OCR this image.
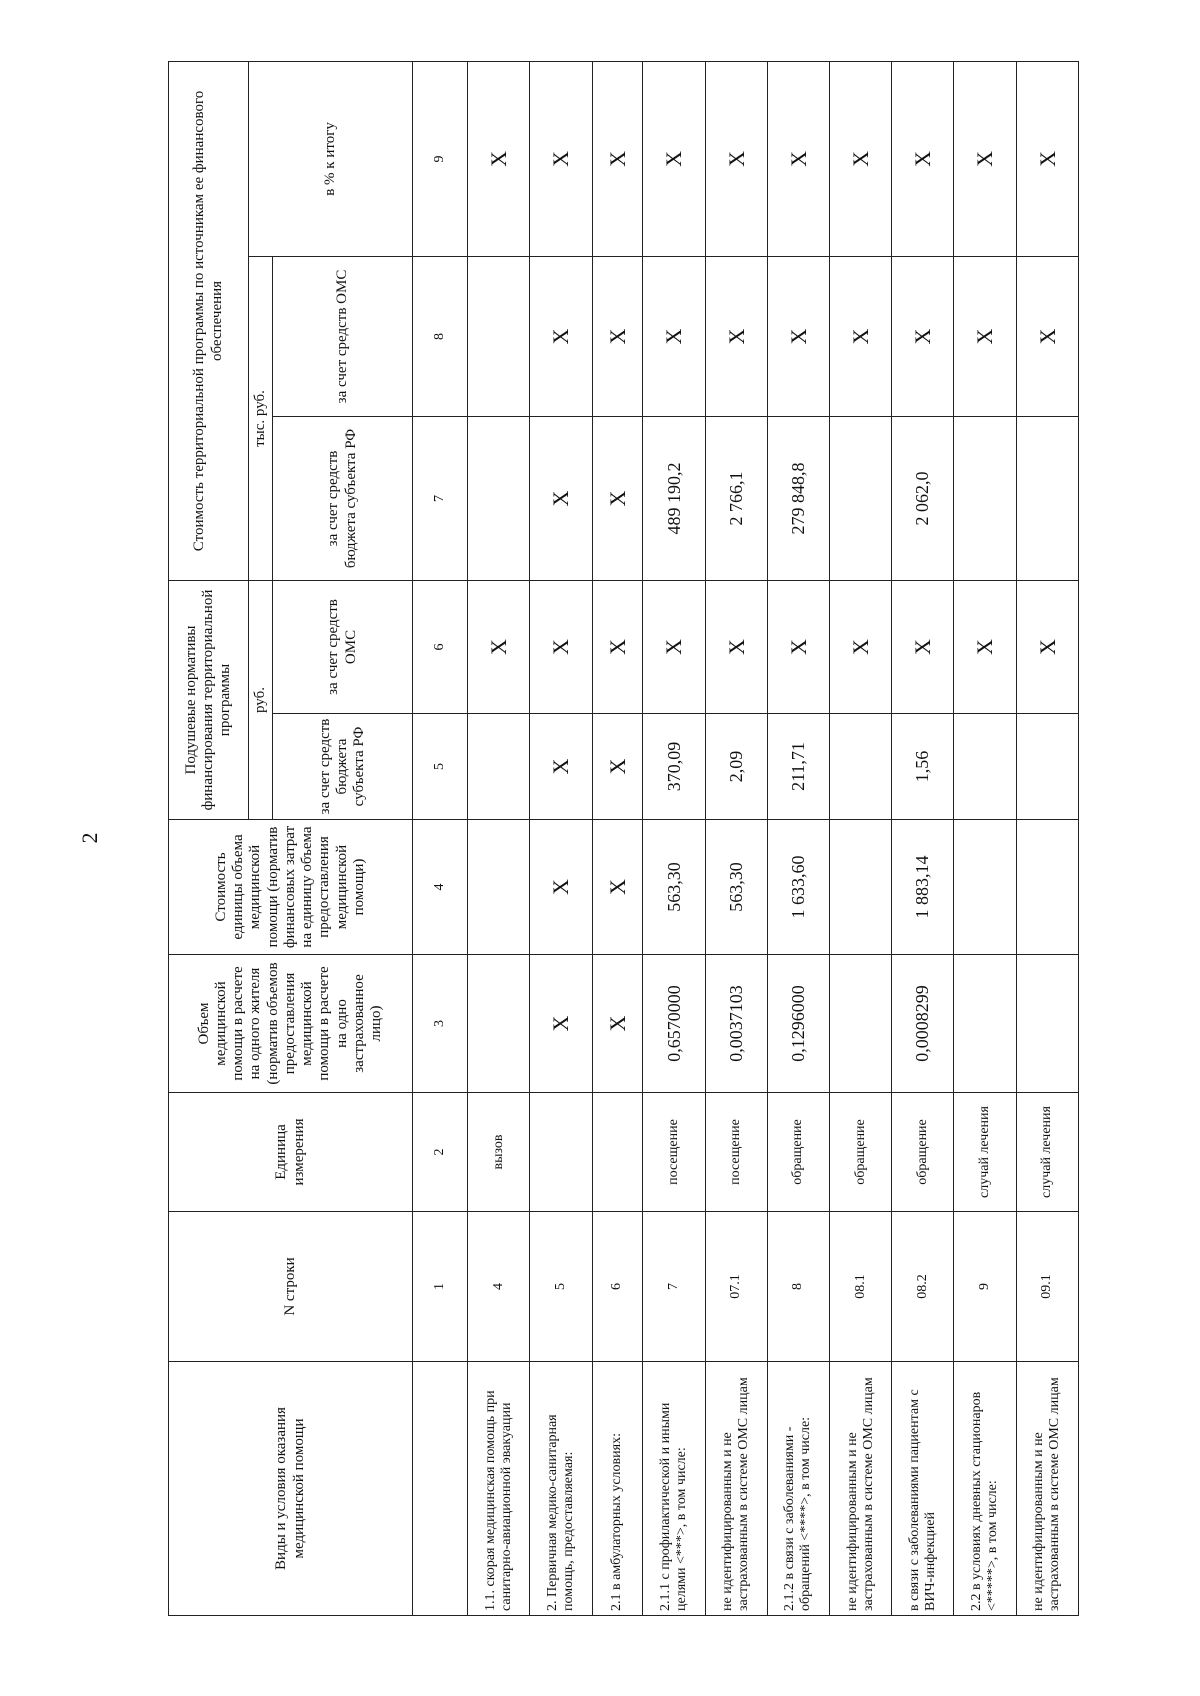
2
Виды и условия оказания медицинской помощи	N строки	Единица измерения	Объем медицинской помощи в расчете на одного жителя (норматив объемов предоставления медицинской помощи в расчете на одно застрахованное лицо)	Стоимость единицы объема медицинской помощи (норматив финансовых затрат на единицу объема предоставления медицинской помощи)	Подушевые нормативы финансирования территориальной программы		Стоимость территориальной программы по источникам ее финансового обеспечения		
					руб.		тыс. руб.		в % к итогу
					за счет средств бюджета субъекта РФ	за счет средств ОМС	за счет средств бюджета субъекта РФ	за счет средств ОМС	
	1	2	3	4	5	6	7	8	9
1.1. скорая медицинская помощь при санитарно-авиационной эвакуации	4	вызов				X			X
2. Первичная медико-санитарная помощь, предоставляемая:	5		X	X	X	X	X	X	X
2.1 в амбулаторных условиях:	6		X	X	X	X	X	X	X
2.1.1 с профилактической и иными целями <***>, в том числе:	7	посещение	0,6570000	563,30	370,09	X	489 190,2	X	X
не идентифицированным и не застрахованным в системе ОМС лицам	07.1	посещение	0,0037103	563,30	2,09	X	2 766,1	X	X
2.1.2 в связи с заболеваниями - обращений <****>, в том числе:	8	обращение	0,1296000	1 633,60	211,71	X	279 848,8	X	X
не идентифицированным и не застрахованным в системе ОМС лицам	08.1	обращение				X		X	X
в связи с заболеваниями пациентам с ВИЧ-инфекцией	08.2	обращение	0,0008299	1 883,14	1,56	X	2 062,0	X	X
2.2 в условиях дневных стационаров <*****>, в том числе:	9	случай лечения				X		X	X
не идентифицированным и не застрахованным в системе ОМС лицам	09.1	случай лечения				X		X	X
